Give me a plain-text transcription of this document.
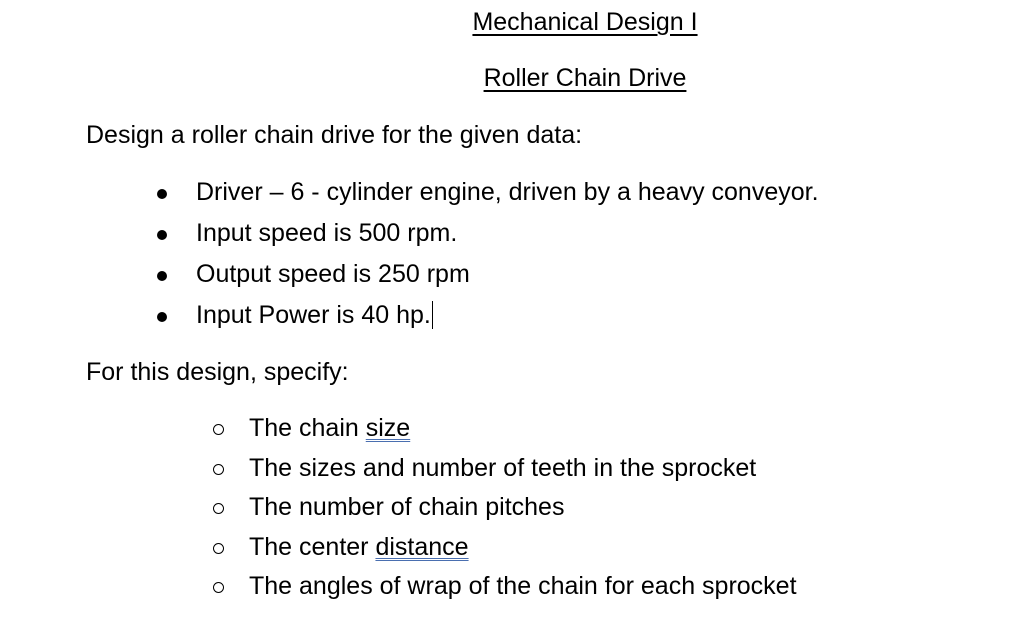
Mechanical Design I
Roller Chain Drive
Design a roller chain drive for the given data:
Driver – 6 - cylinder engine, driven by a heavy conveyor.
Input speed is 500 rpm.
Output speed is 250 rpm
Input Power is 40 hp.
For this design, specify:
The chain size
The sizes and number of teeth in the sprocket
The number of chain pitches
The center distance
The angles of wrap of the chain for each sprocket
